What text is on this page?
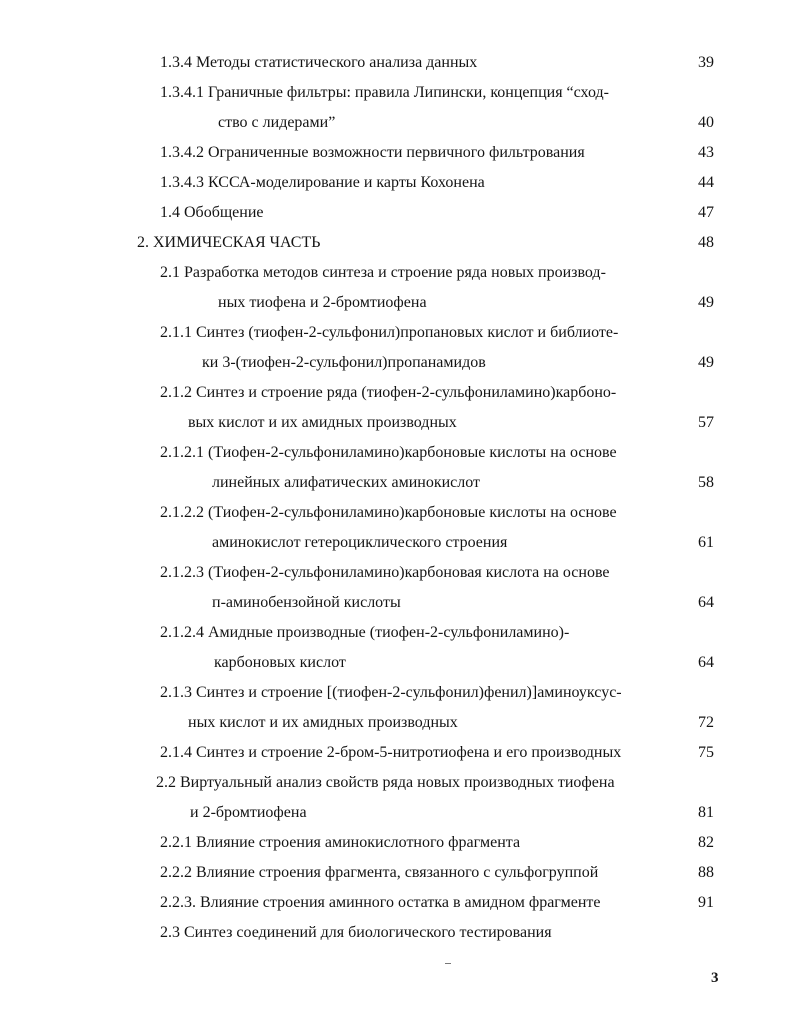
1.3.4 Методы статистического анализа данных	39
1.3.4.1 Граничные фильтры: правила Липински, концепция “сход-
ство с лидерами”	40
1.3.4.2 Ограниченные возможности первичного фильтрования	43
1.3.4.3 КССА-моделирование и карты Кохонена	44
1.4 Обобщение	47
2. ХИМИЧЕСКАЯ ЧАСТЬ	48
2.1 Разработка методов синтеза и строение ряда новых производ-
ных тиофена и 2-бромтиофена	49
2.1.1 Синтез (тиофен-2-сульфонил)пропановых кислот и библиоте-
ки 3-(тиофен-2-сульфонил)пропанамидов	49
2.1.2 Синтез и строение ряда (тиофен-2-сульфониламино)карбоно-
вых кислот и их амидных производных	57
2.1.2.1 (Тиофен-2-сульфониламино)карбоновые кислоты на основе
линейных алифатических аминокислот	58
2.1.2.2 (Тиофен-2-сульфониламино)карбоновые кислоты на основе
аминокислот гетероциклического строения	61
2.1.2.3 (Тиофен-2-сульфониламино)карбоновая кислота на основе
п-аминобензойной кислоты	64
2.1.2.4 Амидные производные (тиофен-2-сульфониламино)-
карбоновых кислот	64
2.1.3 Синтез и строение [(тиофен-2-сульфонил)фенил)]аминоуксус-
ных кислот и их амидных производных	72
2.1.4 Синтез и строение 2-бром-5-нитротиофена и его производных	75
2.2 Виртуальный анализ свойств ряда новых производных тиофена
и 2-бромтиофена	81
2.2.1 Влияние строения аминокислотного фрагмента	82
2.2.2 Влияние строения фрагмента, связанного с сульфогруппой	88
2.2.3. Влияние строения аминного остатка в амидном фрагменте	91
2.3 Синтез соединений для биологического тестирования
3
